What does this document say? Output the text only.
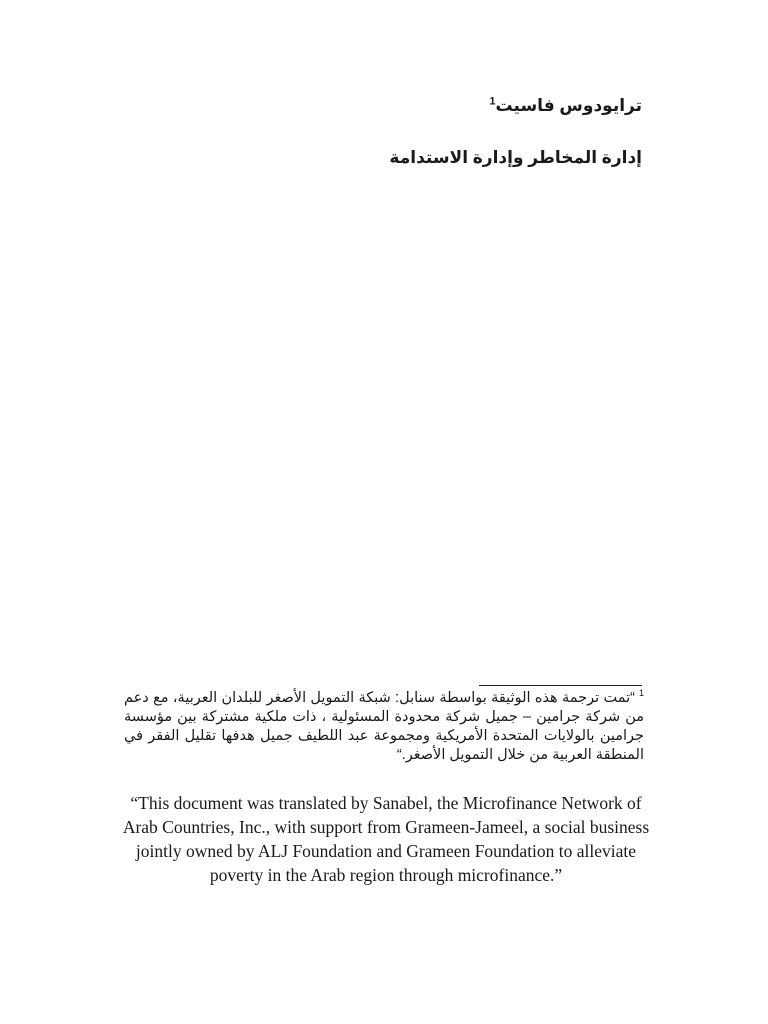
ترايودوس فاسيت$^1$
إدارة المخاطر وإدارة الاستدامة
$^1$“تمت ترجمة هذه الوثيقة بواسطة سنابل: شبكة التمويل الأصغر للبلدان العربية، مع دعم من شركة جرامين – جميل شركة محدودة المسئولية ، ذات ملكية مشتركة بين مؤسسة جرامين بالولايات المتحدة الأمريكية ومجموعة عبد اللطيف جميل هدفها تقليل الفقر في المنطقة العربية من خلال التمويل الأصغر.“
“This document was translated by Sanabel, the Microfinance Network of Arab Countries, Inc., with support from Grameen-Jameel, a social business jointly owned by ALJ Foundation and Grameen Foundation to alleviate poverty in the Arab region through microfinance.”
